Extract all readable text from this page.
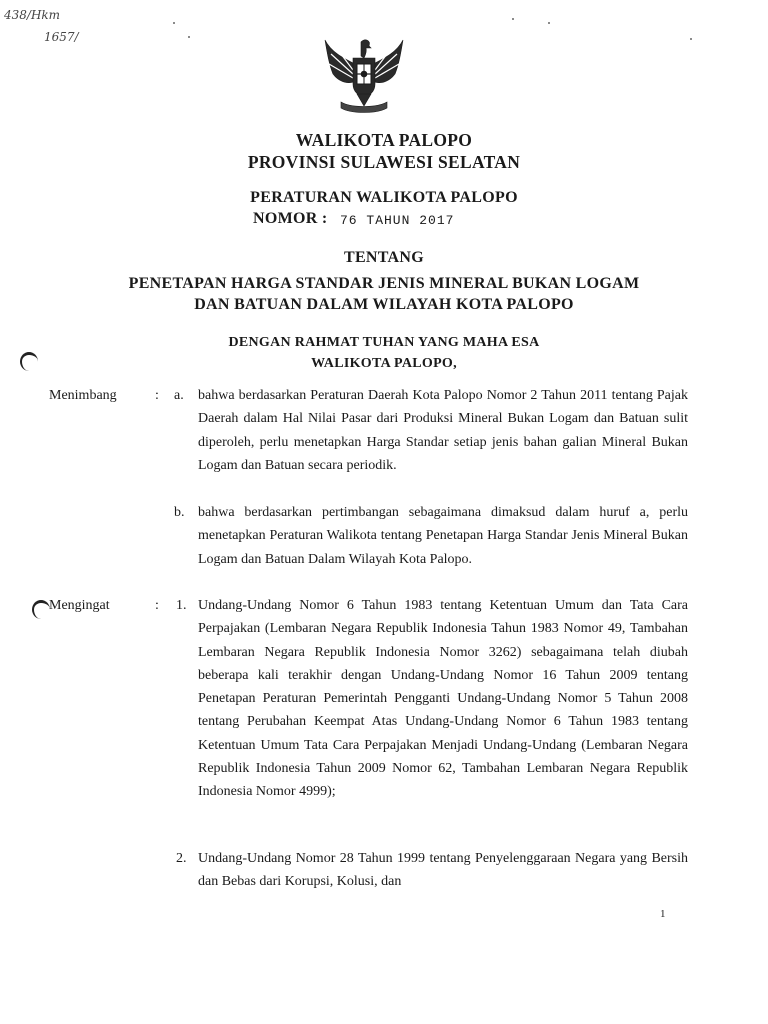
438/Hkm
1657/
WALIKOTA PALOPO
PROVINSI SULAWESI SELATAN
PERATURAN WALIKOTA PALOPO
NOMOR : 76 TAHUN 2017
TENTANG
PENETAPAN HARGA STANDAR JENIS MINERAL BUKAN LOGAM
DAN BATUAN DALAM WILAYAH KOTA PALOPO
DENGAN RAHMAT TUHAN YANG MAHA ESA
WALIKOTA PALOPO,
Menimbang	: a. bahwa berdasarkan Peraturan Daerah Kota Palopo Nomor 2 Tahun 2011 tentang Pajak Daerah dalam Hal Nilai Pasar dari Produksi Mineral Bukan Logam dan Batuan sulit diperoleh, perlu menetapkan Harga Standar setiap jenis bahan galian Mineral Bukan Logam dan Batuan secara periodik.

b. bahwa berdasarkan pertimbangan sebagaimana dimaksud dalam huruf a, perlu menetapkan Peraturan Walikota tentang Penetapan Harga Standar Jenis Mineral Bukan Logam dan Batuan Dalam Wilayah Kota Palopo.

Mengingat	: 1. Undang-Undang Nomor 6 Tahun 1983 tentang Ketentuan Umum dan Tata Cara Perpajakan (Lembaran Negara Republik Indonesia Tahun 1983 Nomor 49, Tambahan Lembaran Negara Republik Indonesia Nomor 3262) sebagaimana telah diubah beberapa kali terakhir dengan Undang-Undang Nomor 16 Tahun 2009 tentang Penetapan Peraturan Pemerintah Pengganti Undang-Undang Nomor 5 Tahun 2008 tentang Perubahan Keempat Atas Undang-Undang Nomor 6 Tahun 1983 tentang Ketentuan Umum Tata Cara Perpajakan Menjadi Undang-Undang (Lembaran Negara Republik Indonesia Tahun 2009 Nomor 62, Tambahan Lembaran Negara Republik Indonesia Nomor 4999);

2. Undang-Undang Nomor 28 Tahun 1999 tentang Penyelenggaraan Negara yang Bersih dan Bebas dari Korupsi, Kolusi, dan

1
